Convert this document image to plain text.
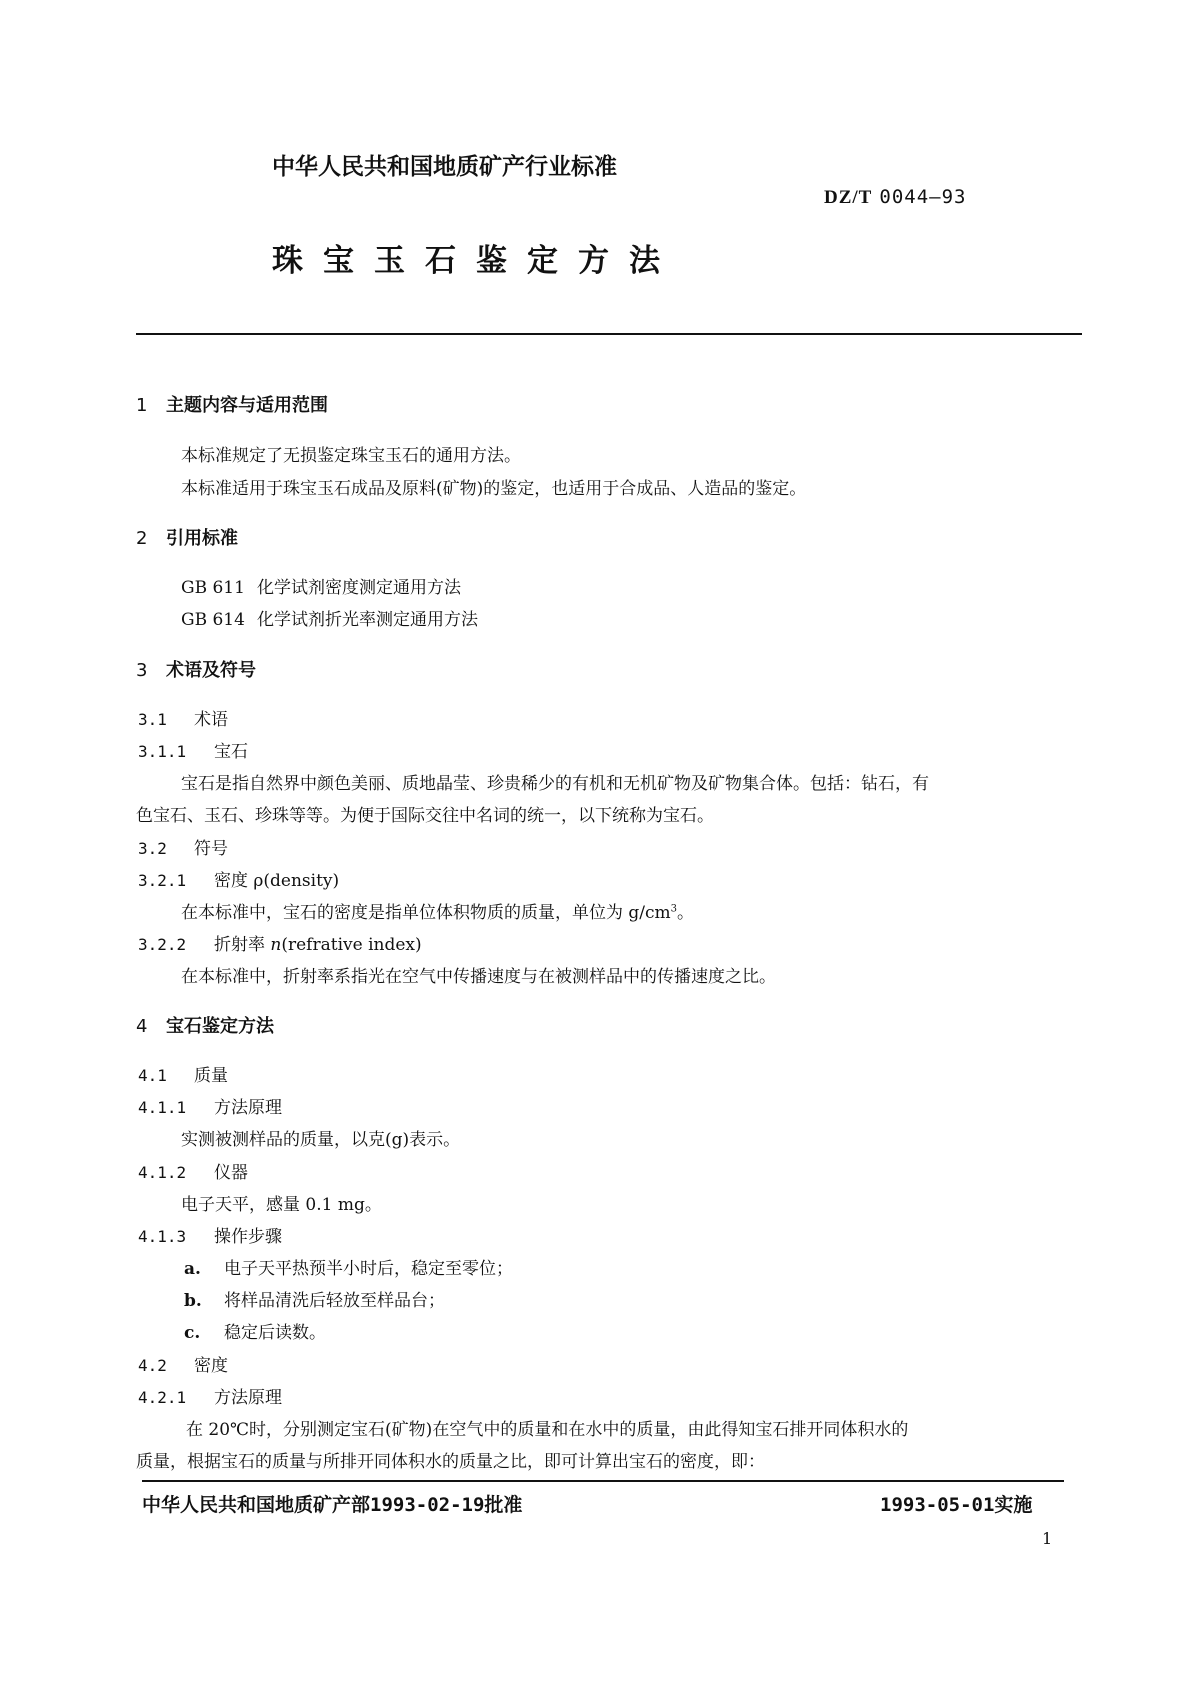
中华人民共和国地质矿产行业标准
DZ/T 0044—93
珠宝玉石鉴定方法
1 主题内容与适用范围
本标准规定了无损鉴定珠宝玉石的通用方法。
本标准适用于珠宝玉石成品及原料(矿物)的鉴定，也适用于合成品、人造品的鉴定。
2 引用标准
GB 611 化学试剂密度测定通用方法
GB 614 化学试剂折光率测定通用方法
3 术语及符号
3.1 术语
3.1.1 宝石
宝石是指自然界中颜色美丽、质地晶莹、珍贵稀少的有机和无机矿物及矿物集合体。包括：钻石，有
色宝石、玉石、珍珠等等。为便于国际交往中名词的统一，以下统称为宝石。
3.2 符号
3.2.1 密度 ρ(density)
在本标准中，宝石的密度是指单位体积物质的质量，单位为 $g/cm^3$。
3.2.2 折射率 n(refrative index)
在本标准中，折射率系指光在空气中传播速度与在被测样品中的传播速度之比。
4 宝石鉴定方法
4.1 质量
4.1.1 方法原理
实测被测样品的质量，以克(g)表示。
4.1.2 仪器
电子天平，感量 0.1 mg。
4.1.3 操作步骤
a. 电子天平热预半小时后，稳定至零位；
b. 将样品清洗后轻放至样品台；
c. 稳定后读数。
4.2 密度
4.2.1 方法原理
在 20℃时，分别测定宝石(矿物)在空气中的质量和在水中的质量，由此得知宝石排开同体积水的
质量，根据宝石的质量与所排开同体积水的质量之比，即可计算出宝石的密度，即：
中华人民共和国地质矿产部1993-02-19批准	1993-05-01实施
1
